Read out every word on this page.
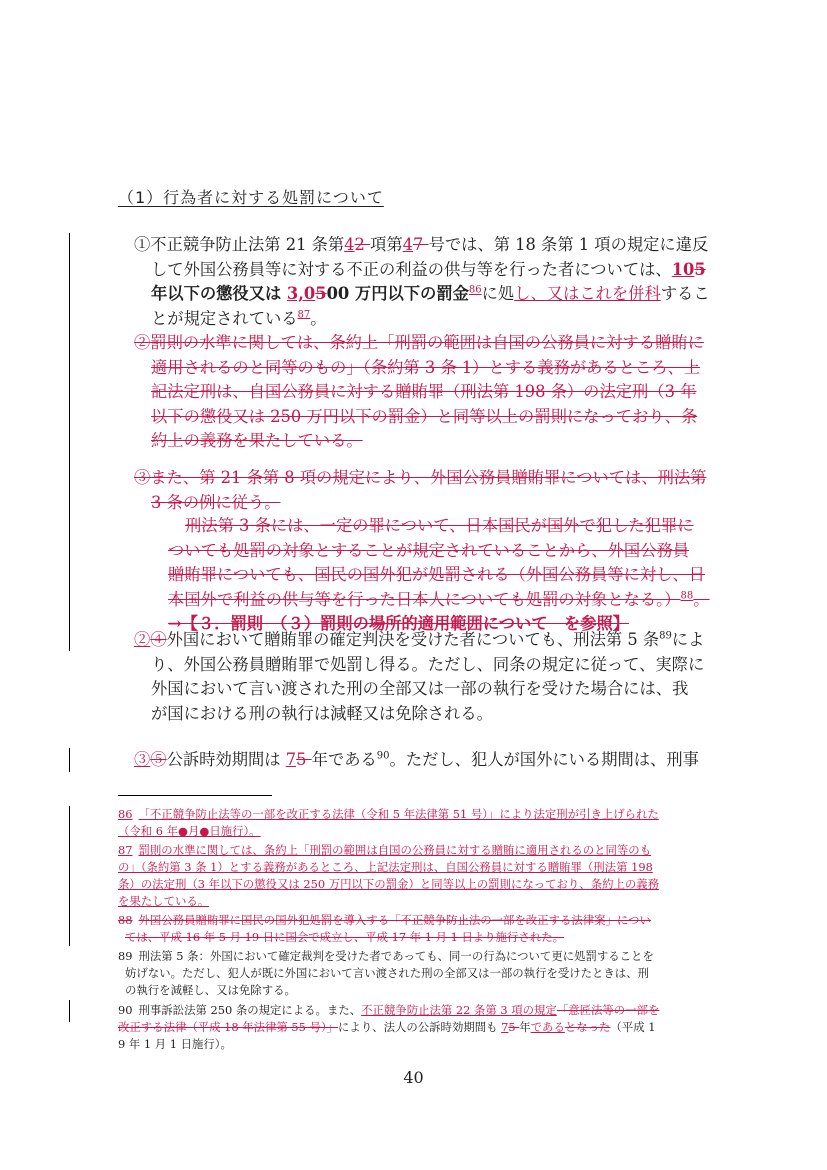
（1）行為者に対する処罰について
①不正競争防止法第 21 条第42 項第47 号では、第 18 条第 1 項の規定に違反
して外国公務員等に対する不正の利益の供与等を行った者については、105
年以下の懲役又は 3,0500 万円以下の罰金$^{86}$に処し、又はこれを併科するこ
とが規定されている$^{87}$。
②罰則の水準に関しては、条約上「刑罰の範囲は自国の公務員に対する贈賄に
適用されるのと同等のもの」（条約第 3 条 1）とする義務があるところ、上
記法定刑は、自国公務員に対する贈賄罪（刑法第 198 条）の法定刑（3 年
以下の懲役又は 250 万円以下の罰金）と同等以上の罰則になっており、条
約上の義務を果たしている。
③また、第 21 条第 8 項の規定により、外国公務員贈賄罪については、刑法第
3 条の例に従う。
刑法第 3 条には、一定の罪について、日本国民が国外で犯した犯罪に
ついても処罰の対象とすることが規定されていることから、外国公務員
贈賄罪についても、国民の国外犯が処罰される（外国公務員等に対し、日
本国外で利益の供与等を行った日本人についても処罰の対象となる。）$^{88}$。
→【３．罰則　（３）罰則の場所的適用範囲について　を参照】
②④外国において贈賄罪の確定判決を受けた者についても、刑法第 5 条$^{89}$によ
り、外国公務員贈賄罪で処罰し得る。ただし、同条の規定に従って、実際に
外国において言い渡された刑の全部又は一部の執行を受けた場合には、我
が国における刑の執行は減軽又は免除される。
③⑤公訴時効期間は 75 年である$^{90}$。ただし、犯人が国外にいる期間は、刑事
86 「不正競争防止法等の一部を改正する法律（令和 5 年法律第 51 号）」により法定刑が引き上げられた
（令和 6 年●月●日施行）。
87 罰則の水準に関しては、条約上「刑罰の範囲は自国の公務員に対する贈賄に適用されるのと同等のも
の」（条約第 3 条 1）とする義務があるところ、上記法定刑は、自国公務員に対する贈賄罪（刑法第 198
条）の法定刑（3 年以下の懲役又は 250 万円以下の罰金）と同等以上の罰則になっており、条約上の義務
を果たしている。
88 外国公務員贈賄罪に国民の国外犯処罰を導入する「不正競争防止法の一部を改正する法律案」につい
ては、平成 16 年 5 月 19 日に国会で成立し、平成 17 年 1 月 1 日より施行された。
89 刑法第 5 条：外国において確定裁判を受けた者であっても、同一の行為について更に処罰することを
妨げない。ただし、犯人が既に外国において言い渡された刑の全部又は一部の執行を受けたときは、刑
の執行を減軽し、又は免除する。
90 刑事訴訟法第 250 条の規定による。また、不正競争防止法第 22 条第 3 項の規定「意匠法等の一部を
改正する法律（平成 18 年法律第 55 号）」により、法人の公訴時効期間も 75 年であるとなった（平成 1
9 年 1 月 1 日施行）。
40
